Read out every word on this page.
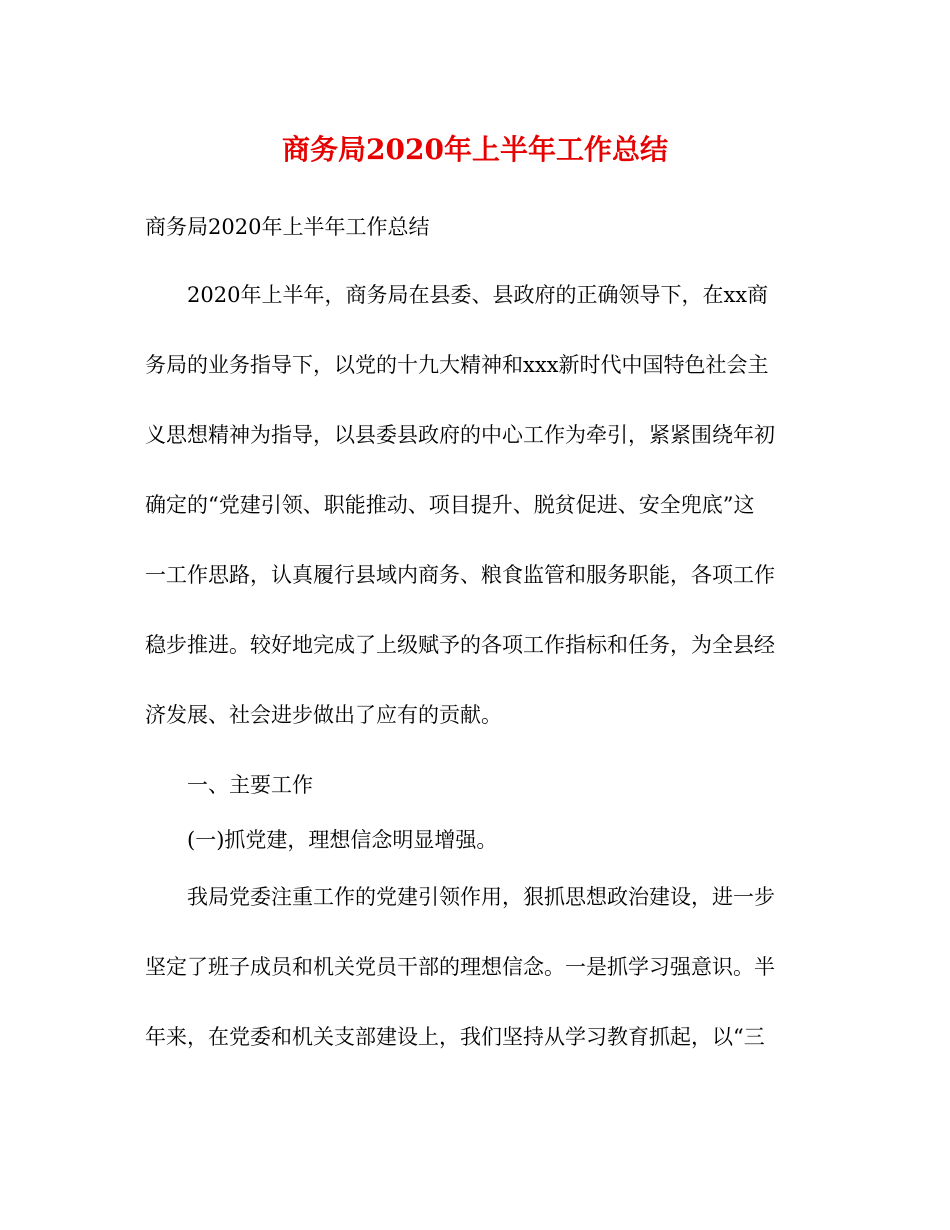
商务局2020年上半年工作总结

商务局2020年上半年工作总结

2020年上半年，商务局在县委、县政府的正确领导下，在xx商
务局的业务指导下，以党的十九大精神和xxx新时代中国特色社会主
义思想精神为指导，以县委县政府的中心工作为牵引，紧紧围绕年初
确定的“党建引领、职能推动、项目提升、脱贫促进、安全兜底”这
一工作思路，认真履行县域内商务、粮食监管和服务职能，各项工作
稳步推进。较好地完成了上级赋予的各项工作指标和任务，为全县经
济发展、社会进步做出了应有的贡献。
一、主要工作
(一)抓党建，理想信念明显增强。
我局党委注重工作的党建引领作用，狠抓思想政治建设，进一步
坚定了班子成员和机关党员干部的理想信念。一是抓学习强意识。半
年来，在党委和机关支部建设上，我们坚持从学习教育抓起，以“三
